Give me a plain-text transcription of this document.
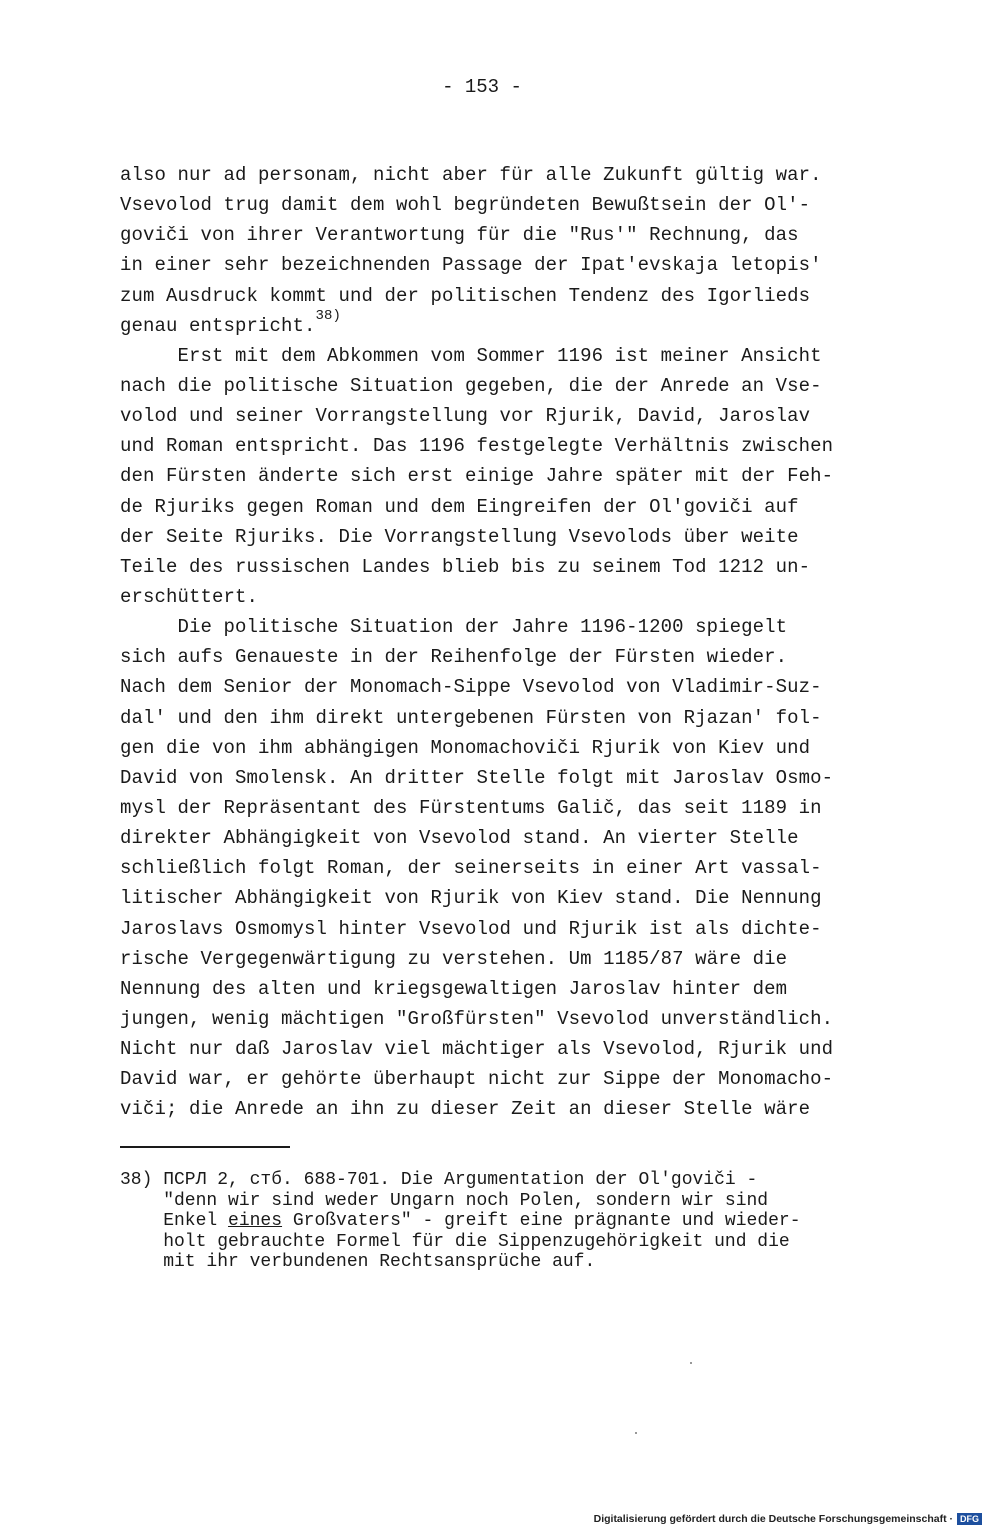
- 153 -
also nur ad personam, nicht aber für alle Zukunft gültig war.
Vsevolod trug damit dem wohl begründeten Bewußtsein der Ol'-
goviči von ihrer Verantwortung für die "Rus'" Rechnung, das
in einer sehr bezeichnenden Passage der Ipat'evskaja letopis'
zum Ausdruck kommt und der politischen Tendenz des Igorlieds
genau entspricht.$^{38)}$
Erst mit dem Abkommen vom Sommer 1196 ist meiner Ansicht
nach die politische Situation gegeben, die der Anrede an Vse-
volod und seiner Vorrangstellung vor Rjurik, David, Jaroslav
und Roman entspricht. Das 1196 festgelegte Verhältnis zwischen
den Fürsten änderte sich erst einige Jahre später mit der Feh-
de Rjuriks gegen Roman und dem Eingreifen der Ol'goviči auf
der Seite Rjuriks. Die Vorrangstellung Vsevolods über weite
Teile des russischen Landes blieb bis zu seinem Tod 1212 un-
erschüttert.
Die politische Situation der Jahre 1196-1200 spiegelt
sich aufs Genaueste in der Reihenfolge der Fürsten wieder.
Nach dem Senior der Monomach-Sippe Vsevolod von Vladimir-Suz-
dal' und den ihm direkt untergebenen Fürsten von Rjazan' fol-
gen die von ihm abhängigen Monomachoviči Rjurik von Kiev und
David von Smolensk. An dritter Stelle folgt mit Jaroslav Osmo-
mysl der Repräsentant des Fürstentums Galič, das seit 1189 in
direkter Abhängigkeit von Vsevolod stand. An vierter Stelle
schließlich folgt Roman, der seinerseits in einer Art vassal-
litischer Abhängigkeit von Rjurik von Kiev stand. Die Nennung
Jaroslavs Osmomysl hinter Vsevolod und Rjurik ist als dichte-
rische Vergegenwärtigung zu verstehen. Um 1185/87 wäre die
Nennung des alten und kriegsgewaltigen Jaroslav hinter dem
jungen, wenig mächtigen "Großfürsten" Vsevolod unverständlich.
Nicht nur daß Jaroslav viel mächtiger als Vsevolod, Rjurik und
David war, er gehörte überhaupt nicht zur Sippe der Monomacho-
viči; die Anrede an ihn zu dieser Zeit an dieser Stelle wäre
38) ПСРЛ 2, стб. 688-701. Die Argumentation der Ol'goviči -
"denn wir sind weder Ungarn noch Polen, sondern wir sind
Enkel eines Großvaters" - greift eine prägnante und wieder-
holt gebrauchte Formel für die Sippenzugehörigkeit und die
mit ihr verbundenen Rechtsansprüche auf.
Digitalisierung gefördert durch die Deutsche Forschungsgemeinschaft · DFG
